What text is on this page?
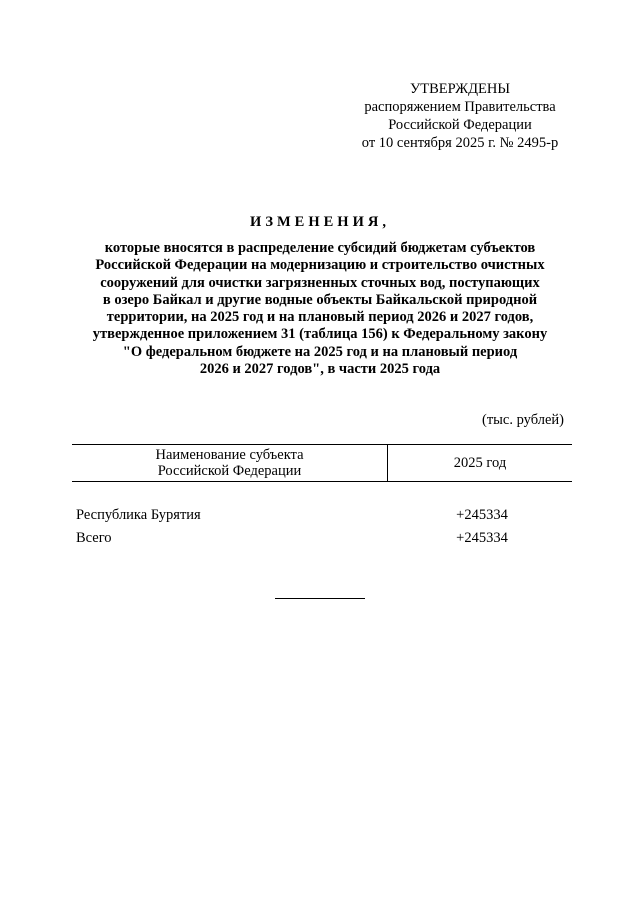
УТВЕРЖДЕНЫ
распоряжением Правительства
Российской Федерации
от 10 сентября 2025 г. № 2495-р
ИЗМЕНЕНИЯ,
которые вносятся в распределение субсидий бюджетам субъектов
Российской Федерации на модернизацию и строительство очистных
сооружений для очистки загрязненных сточных вод, поступающих
в озеро Байкал и другие водные объекты Байкальской природной
территории, на 2025 год и на плановый период 2026 и 2027 годов,
утвержденное приложением 31 (таблица 156) к Федеральному закону
"О федеральном бюджете на 2025 год и на плановый период
2026 и 2027 годов", в части 2025 года
(тыс. рублей)
Наименование субъекта
Российской Федерации
2025 год
Республика Бурятия	+245334
Всего	+245334
